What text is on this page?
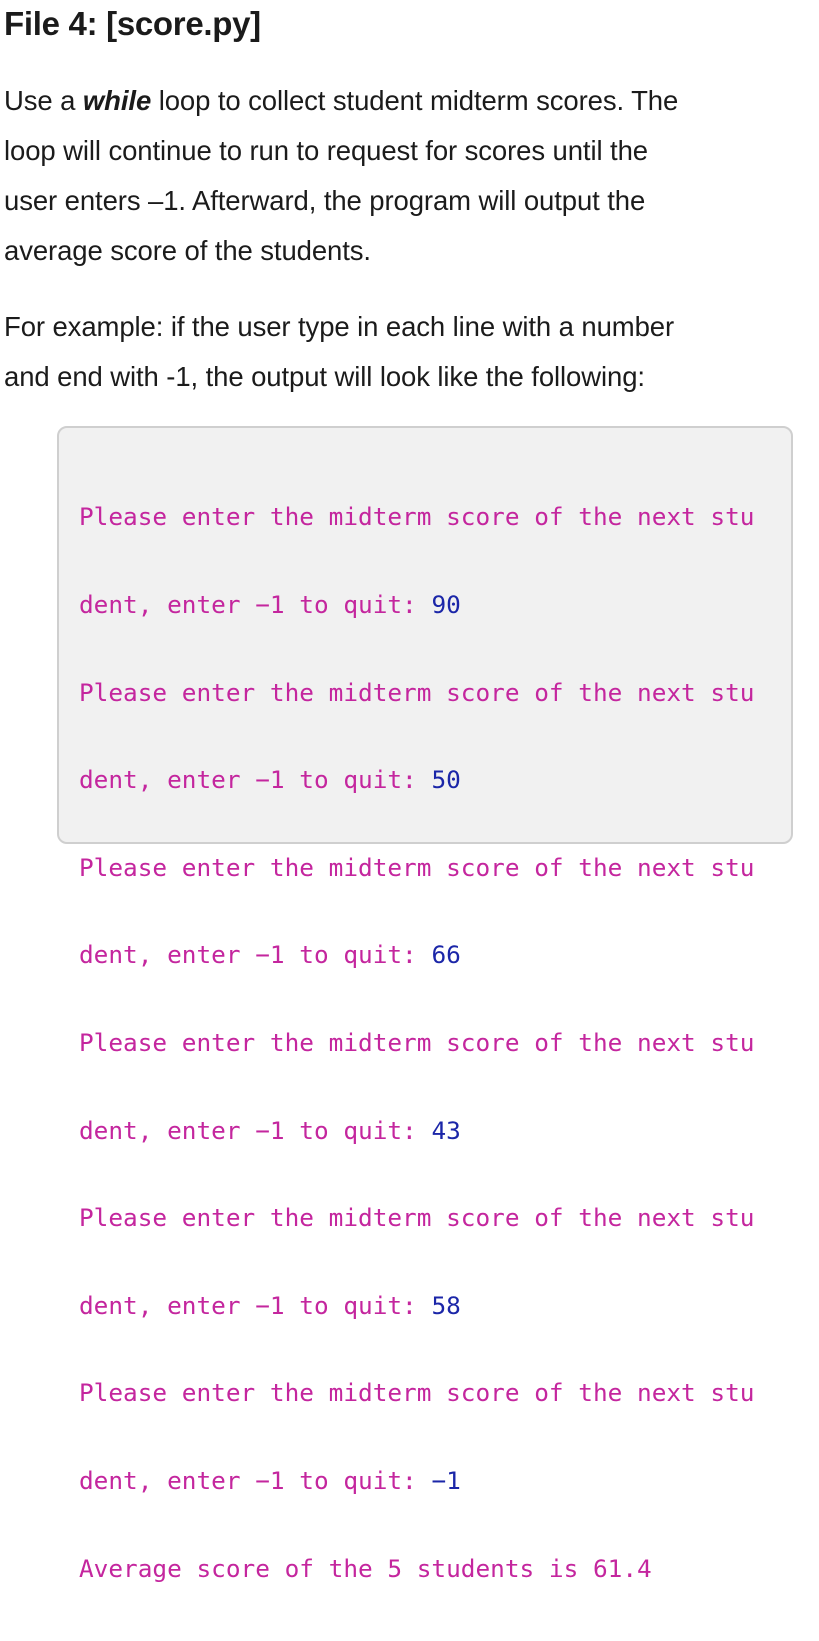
File 4: [score.py]

Use a while loop to collect student midterm scores. The
loop will continue to run to request for scores until the
user enters –1. Afterward, the program will output the
average score of the students.

For example: if the user type in each line with a number
and end with -1, the output will look like the following:

Please enter the midterm score of the next stu

dent, enter −1 to quit: 90

Please enter the midterm score of the next stu

dent, enter −1 to quit: 50

Please enter the midterm score of the next stu

dent, enter −1 to quit: 66

Please enter the midterm score of the next stu

dent, enter −1 to quit: 43

Please enter the midterm score of the next stu

dent, enter −1 to quit: 58

Please enter the midterm score of the next stu

dent, enter −1 to quit: −1

Average score of the 5 students is 61.4
